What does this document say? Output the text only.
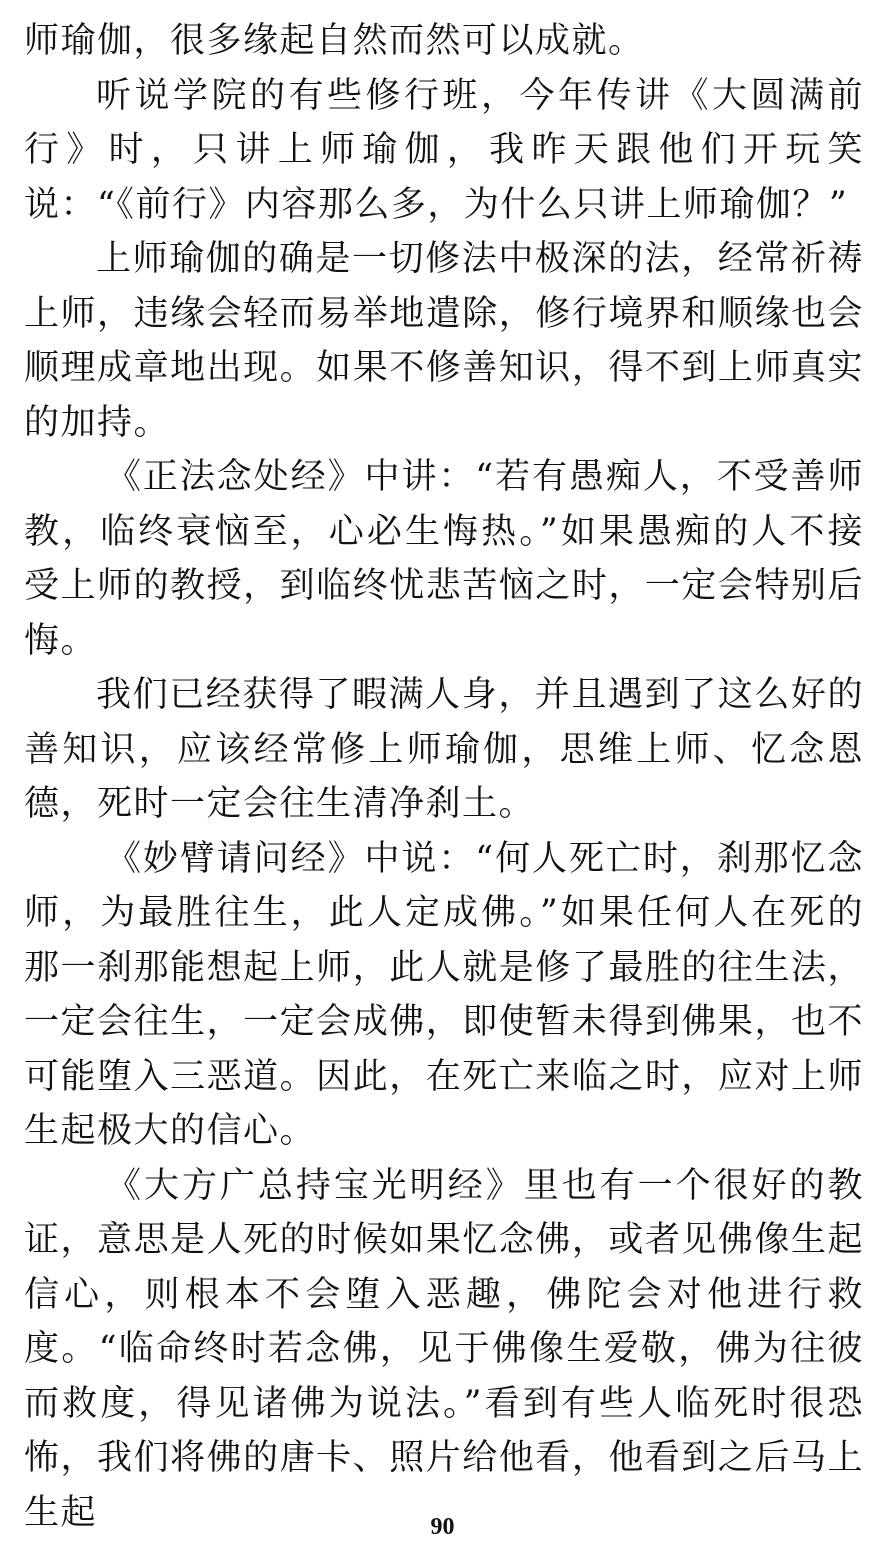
师瑜伽，很多缘起自然而然可以成就。

听说学院的有些修行班，今年传讲《大圆满前行》时，只讲上师瑜伽，我昨天跟他们开玩笑说：“《前行》内容那么多，为什么只讲上师瑜伽？”

上师瑜伽的确是一切修法中极深的法，经常祈祷上师，违缘会轻而易举地遣除，修行境界和顺缘也会顺理成章地出现。如果不修善知识，得不到上师真实的加持。

《正法念处经》中讲：“若有愚痴人，不受善师教，临终衰恼至，心必生悔热。”如果愚痴的人不接受上师的教授，到临终忧悲苦恼之时，一定会特别后悔。

我们已经获得了暇满人身，并且遇到了这么好的善知识，应该经常修上师瑜伽，思维上师、忆念恩德，死时一定会往生清净刹土。

《妙臂请问经》中说：“何人死亡时，刹那忆念师，为最胜往生，此人定成佛。”如果任何人在死的那一刹那能想起上师，此人就是修了最胜的往生法，一定会往生，一定会成佛，即使暂未得到佛果，也不可能堕入三恶道。因此，在死亡来临之时，应对上师生起极大的信心。

《大方广总持宝光明经》里也有一个很好的教证，意思是人死的时候如果忆念佛，或者见佛像生起信心，则根本不会堕入恶趣，佛陀会对他进行救度。“临命终时若念佛，见于佛像生爱敬，佛为往彼而救度，得见诸佛为说法。”看到有些人临死时很恐怖，我们将佛的唐卡、照片给他看，他看到之后马上生起	90
